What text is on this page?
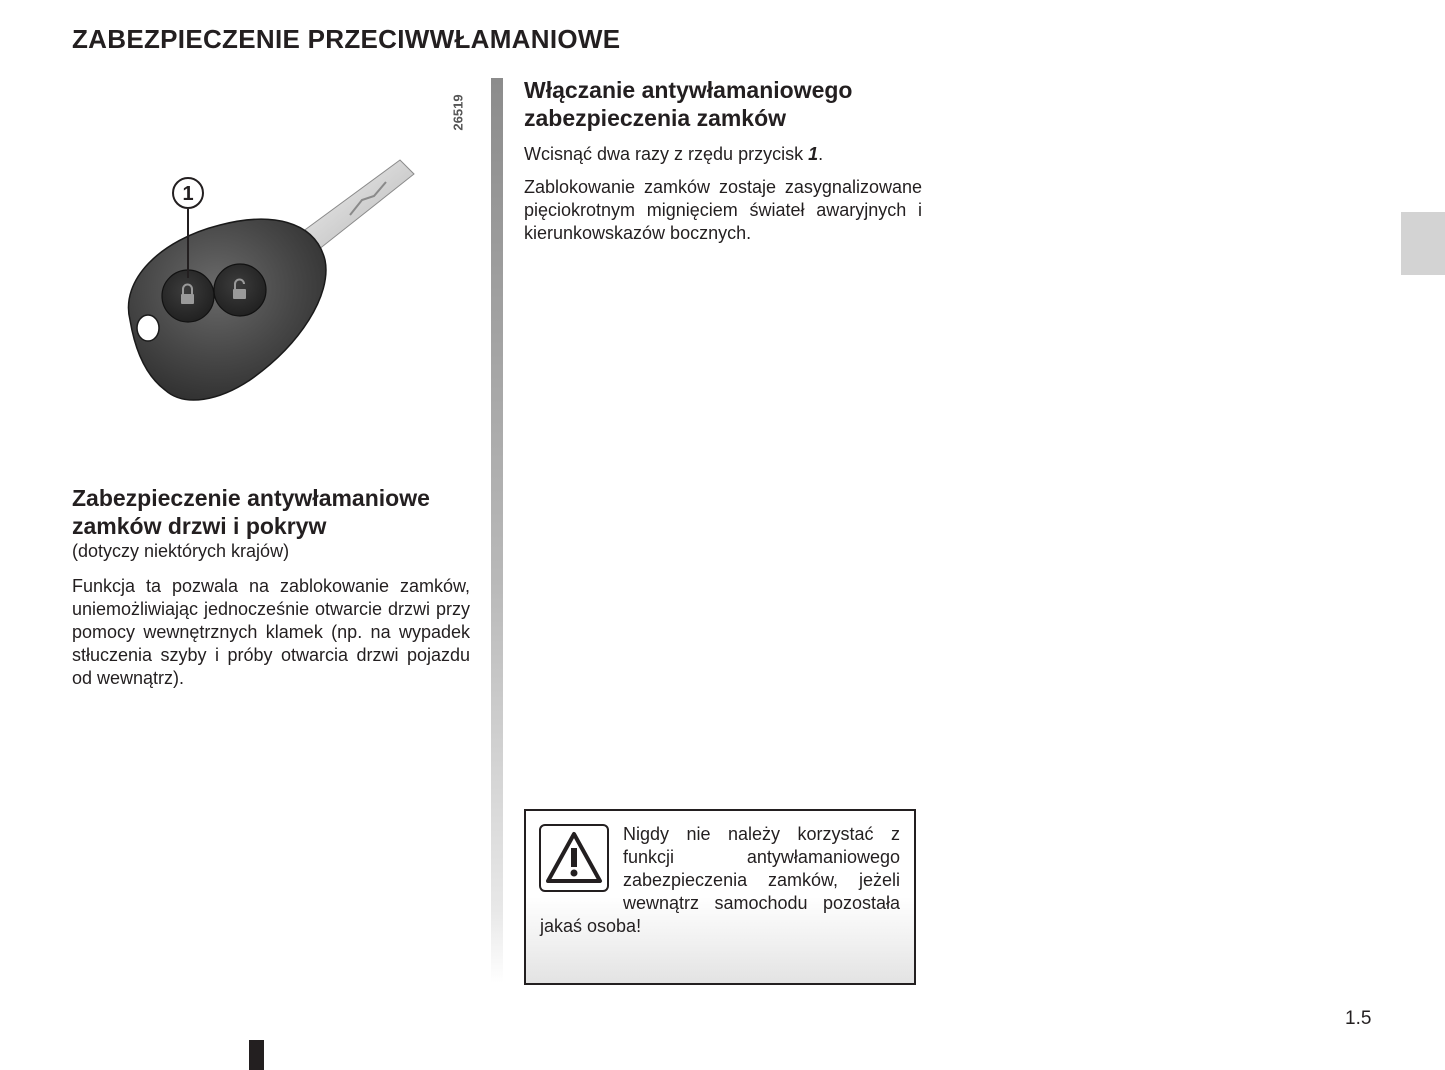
ZABEZPIECZENIE PRZECIWWŁAMANIOWE
26519
1
Zabezpieczenie antywłamaniowe zamków drzwi i pokryw

(dotyczy niektórych krajów)

Funkcja ta pozwala na zablokowanie zamków, uniemożliwiając jednocześnie otwarcie drzwi przy pomocy wewnętrznych klamek (np. na wypadek stłuczenia szyby i próby otwarcia drzwi pojazdu od wewnątrz).

Włączanie antywłamaniowego zabezpieczenia zamków

Wcisnąć dwa razy z rzędu przycisk 1.

Zablokowanie zamków zostaje zasygnalizowane pięciokrotnym mignięciem świateł awaryjnych i kierunkowskazów bocznych.

Nigdy nie należy korzystać z funkcji antywłamaniowego zabezpieczenia zamków, jeżeli wewnątrz samochodu pozostała jakaś osoba!

1.5
